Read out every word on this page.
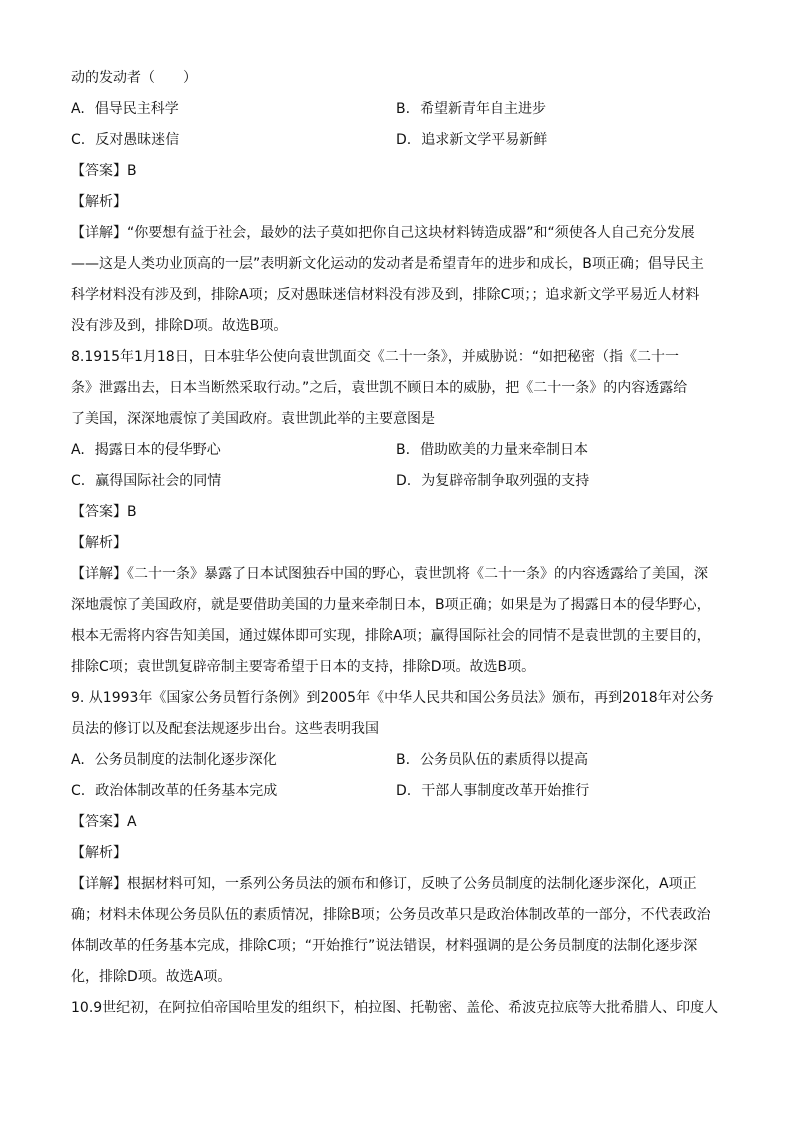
动的发动者（　　）
A. 倡导民主科学	B. 希望新青年自主进步
C. 反对愚昧迷信	D. 追求新文学平易新鲜
【答案】B
【解析】
【详解】“你要想有益于社会，最妙的法子莫如把你自己这块材料铸造成器”和“须使各人自己充分发展
——这是人类功业顶高的一层”表明新文化运动的发动者是希望青年的进步和成长，B项正确；倡导民主
科学材料没有涉及到，排除A项；反对愚昧迷信材料没有涉及到，排除C项；；追求新文学平易近人材料
没有涉及到，排除D项。故选B项。
8.1915年1月18日，日本驻华公使向袁世凯面交《二十一条》，并威胁说：“如把秘密（指《二十一
条》泄露出去，日本当断然采取行动。”之后，袁世凯不顾日本的威胁，把《二十一条》的内容透露给
了美国，深深地震惊了美国政府。袁世凯此举的主要意图是
A. 揭露日本的侵华野心	B. 借助欧美的力量来牵制日本
C. 赢得国际社会的同情	D. 为复辟帝制争取列强的支持
【答案】B
【解析】
【详解】《二十一条》暴露了日本试图独吞中国的野心，袁世凯将《二十一条》的内容透露给了美国，深
深地震惊了美国政府，就是要借助美国的力量来牵制日本，B项正确；如果是为了揭露日本的侵华野心，
根本无需将内容告知美国，通过媒体即可实现，排除A项；赢得国际社会的同情不是袁世凯的主要目的，
排除C项；袁世凯复辟帝制主要寄希望于日本的支持，排除D项。故选B项。
9. 从1993年《国家公务员暂行条例》到2005年《中华人民共和国公务员法》颁布，再到2018年对公务
员法的修订以及配套法规逐步出台。这些表明我国
A. 公务员制度的法制化逐步深化	B. 公务员队伍的素质得以提高
C. 政治体制改革的任务基本完成	D. 干部人事制度改革开始推行
【答案】A
【解析】
【详解】根据材料可知，一系列公务员法的颁布和修订，反映了公务员制度的法制化逐步深化，A项正
确；材料未体现公务员队伍的素质情况，排除B项；公务员改革只是政治体制改革的一部分，不代表政治
体制改革的任务基本完成，排除C项；“开始推行”说法错误，材料强调的是公务员制度的法制化逐步深
化，排除D项。故选A项。
10.9世纪初，在阿拉伯帝国哈里发的组织下，柏拉图、托勒密、盖伦、希波克拉底等大批希腊人、印度人
